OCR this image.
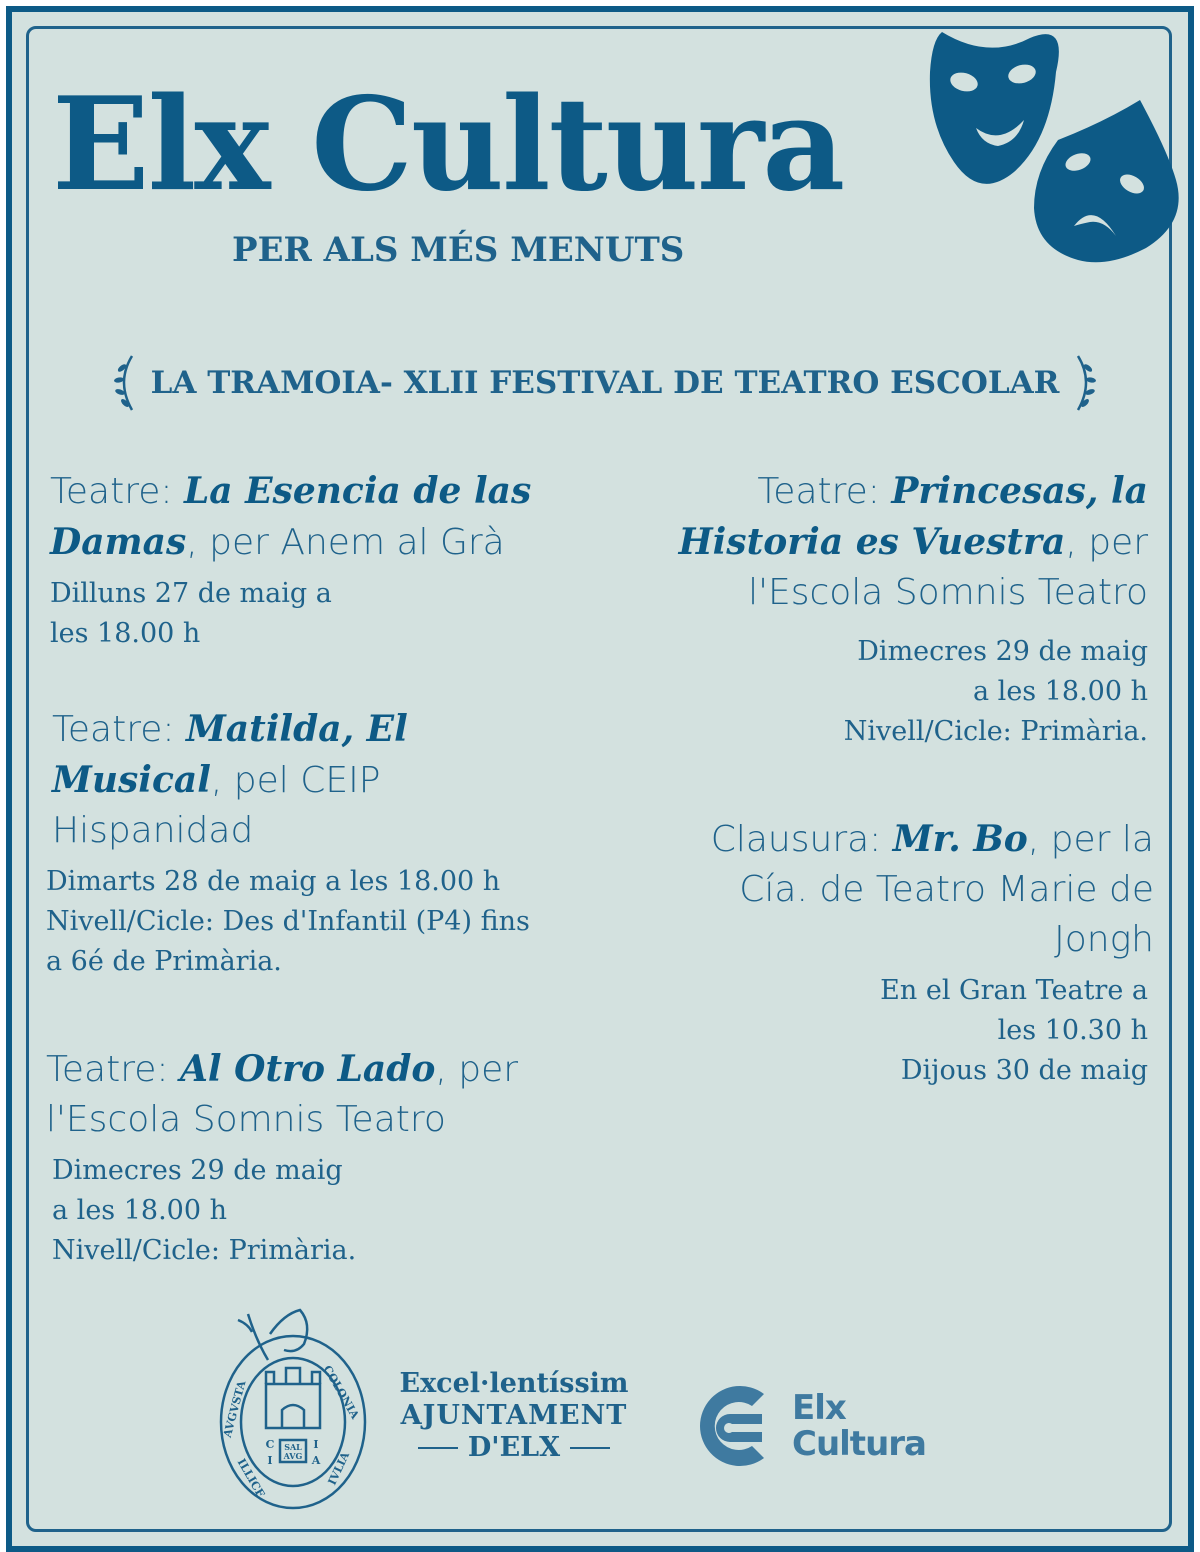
Elx Cultura
PER ALS MÉS MENUTS
LA TRAMOIA- XLII FESTIVAL DE TEATRO ESCOLAR
Teatre: La Esencia de las Damas, per Anem al Grà
Dilluns 27 de maig a
les 18.00 h
Teatre: Matilda, El Musical, pel CEIP Hispanidad
Dimarts 28 de maig a les 18.00 h
Nivell/Cicle: Des d'Infantil (P4) fins
a 6é de Primària.
Teatre: Al Otro Lado, per l'Escola Somnis Teatro
Dimecres 29 de maig
a les 18.00 h
Nivell/Cicle: Primària.
Teatre: Princesas, la Historia es Vuestra, per l'Escola Somnis Teatro
Dimecres 29 de maig
a les 18.00 h
Nivell/Cicle: Primària.
Clausura: Mr. Bo, per la Cía. de Teatro Marie de Jongh
En el Gran Teatre a
les 10.30 h
Dijous 30 de maig
AVGVSTA	COLONIA
ILLICE	IVLIA
C	I
I	A
SAL
AVG
Excel·lentíssim
AJUNTAMENT
D'ELX
Elx
Cultura
